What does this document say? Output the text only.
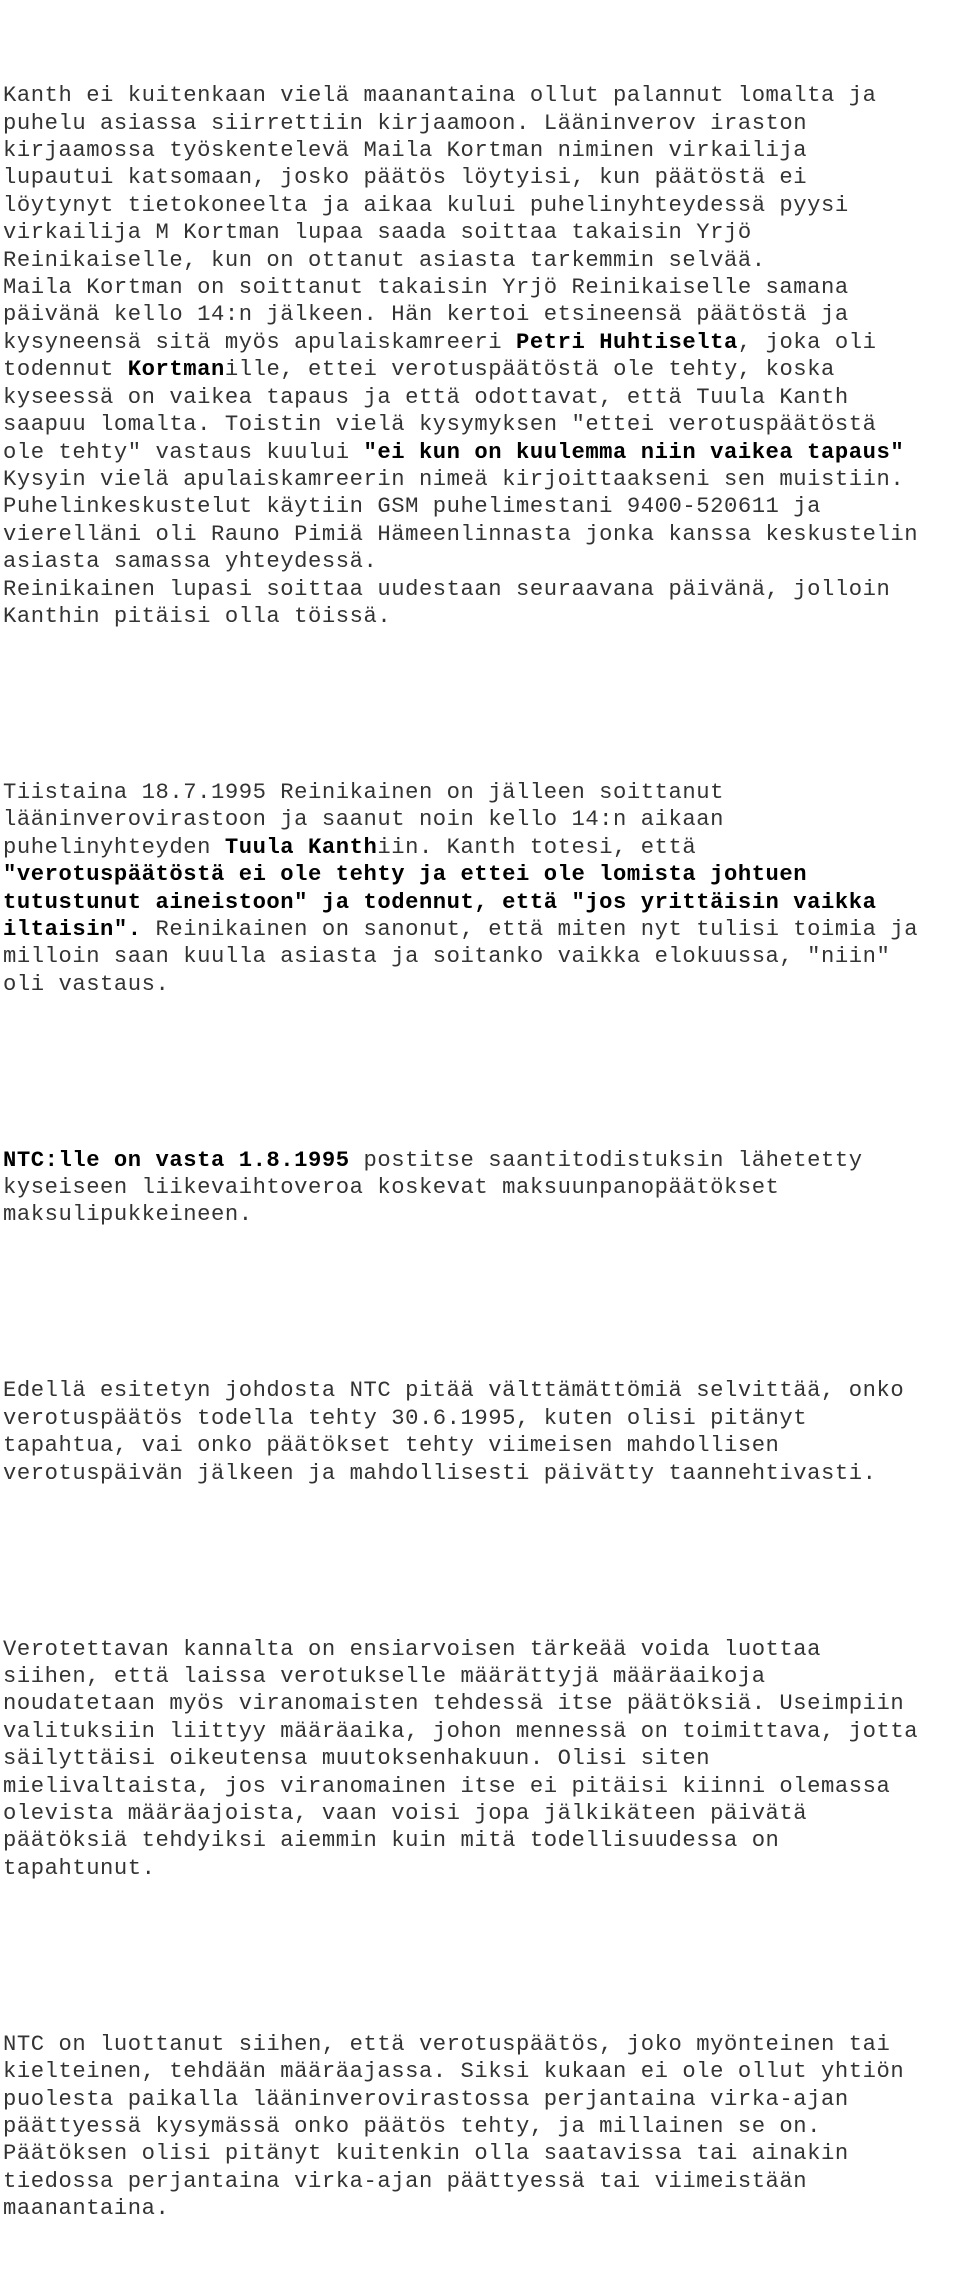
Kanth ei kuitenkaan vielä maanantaina ollut palannut lomalta ja
puhelu asiassa siirrettiin kirjaamoon. Lääninverov iraston
kirjaamossa työskentelevä Maila Kortman niminen virkailija
lupautui katsomaan, josko päätös löytyisi, kun päätöstä ei
löytynyt tietokoneelta ja aikaa kului puhelinyhteydessä pyysi
virkailija M Kortman lupaa saada soittaa takaisin Yrjö
Reinikaiselle, kun on ottanut asiasta tarkemmin selvää.
Maila Kortman on soittanut takaisin Yrjö Reinikaiselle samana
päivänä kello 14:n jälkeen. Hän kertoi etsineensä päätöstä ja
kysyneensä sitä myös apulaiskamreeri Petri Huhtiselta, joka oli
todennut Kortmanille, ettei verotuspäätöstä ole tehty, koska
kyseessä on vaikea tapaus ja että odottavat, että Tuula Kanth
saapuu lomalta. Toistin vielä kysymyksen "ettei verotuspäätöstä
ole tehty" vastaus kuului "ei kun on kuulemma niin vaikea tapaus"
Kysyin vielä apulaiskamreerin nimeä kirjoittaakseni sen muistiin.
Puhelinkeskustelut käytiin GSM puhelimestani 9400-520611 ja
vierelläni oli Rauno Pimiä Hämeenlinnasta jonka kanssa keskustelin
asiasta samassa yhteydessä.
Reinikainen lupasi soittaa uudestaan seuraavana päivänä, jolloin
Kanthin pitäisi olla töissä.

Tiistaina 18.7.1995 Reinikainen on jälleen soittanut
lääninverovirastoon ja saanut noin kello 14:n aikaan
puhelinyhteyden Tuula Kanthiin. Kanth totesi, että
"verotuspäätöstä ei ole tehty ja ettei ole lomista johtuen
tutustunut aineistoon" ja todennut, että "jos yrittäisin vaikka
iltaisin". Reinikainen on sanonut, että miten nyt tulisi toimia ja
milloin saan kuulla asiasta ja soitanko vaikka elokuussa, "niin"
oli vastaus.

NTC:lle on vasta 1.8.1995 postitse saantitodistuksin lähetetty
kyseiseen liikevaihtoveroa koskevat maksuunpanopäätökset
maksulipukkeineen.

Edellä esitetyn johdosta NTC pitää välttämättömiä selvittää, onko
verotuspäätös todella tehty 30.6.1995, kuten olisi pitänyt
tapahtua, vai onko päätökset tehty viimeisen mahdollisen
verotuspäivän jälkeen ja mahdollisesti päivätty taannehtivasti.

Verotettavan kannalta on ensiarvoisen tärkeää voida luottaa
siihen, että laissa verotukselle määrättyjä määräaikoja
noudatetaan myös viranomaisten tehdessä itse päätöksiä. Useimpiin
valituksiin liittyy määräaika, johon mennessä on toimittava, jotta
säilyttäisi oikeutensa muutoksenhakuun. Olisi siten
mielivaltaista, jos viranomainen itse ei pitäisi kiinni olemassa
olevista määräajoista, vaan voisi jopa jälkikäteen päivätä
päätöksiä tehdyiksi aiemmin kuin mitä todellisuudessa on
tapahtunut.

NTC on luottanut siihen, että verotuspäätös, joko myönteinen tai
kielteinen, tehdään määräajassa. Siksi kukaan ei ole ollut yhtiön
puolesta paikalla lääninverovirastossa perjantaina virka-ajan
päättyessä kysymässä onko päätös tehty, ja millainen se on.
Päätöksen olisi pitänyt kuitenkin olla saatavissa tai ainakin
tiedossa perjantaina virka-ajan päättyessä tai viimeistään
maanantaina.
